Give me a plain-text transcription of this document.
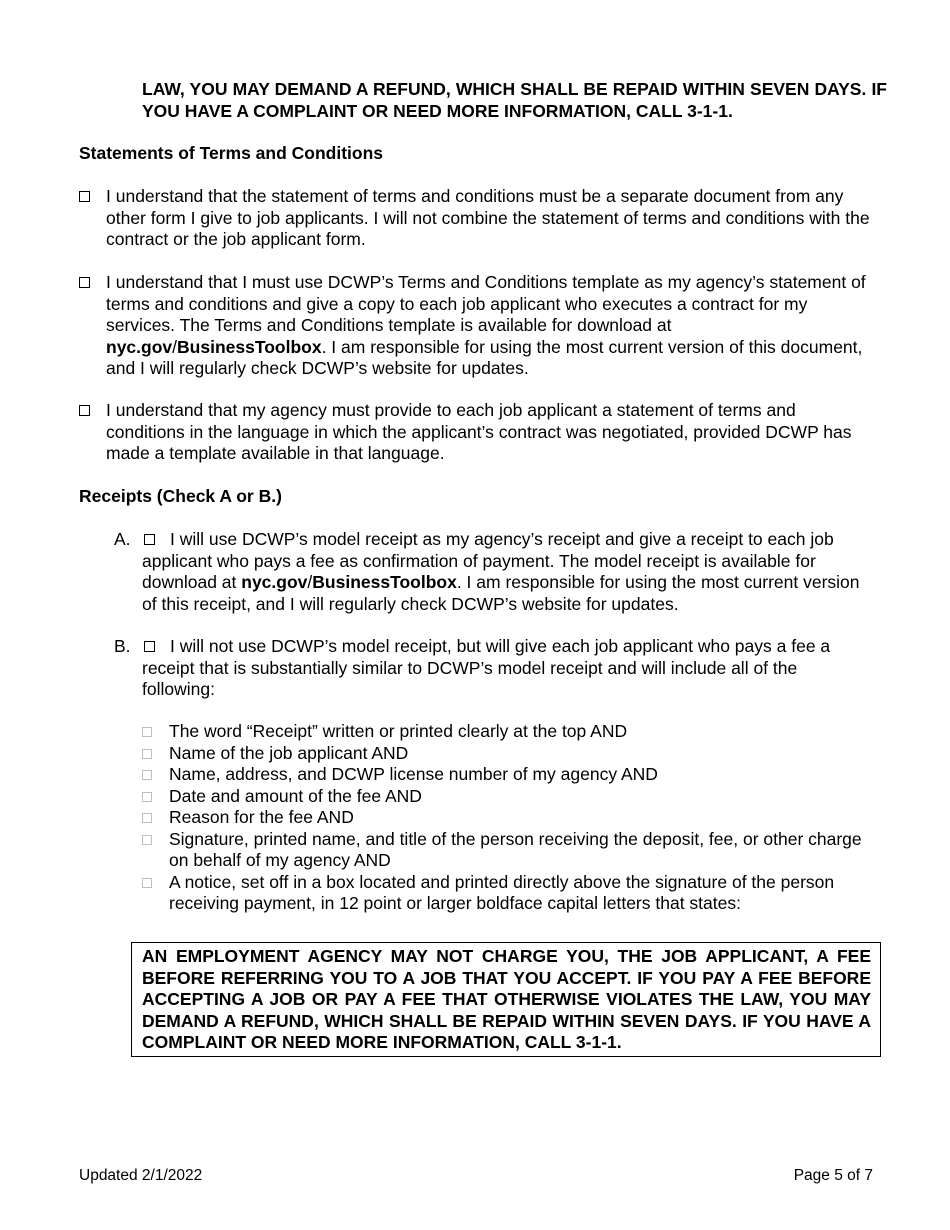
LAW, YOU MAY DEMAND A REFUND, WHICH SHALL BE REPAID WITHIN SEVEN DAYS. IF YOU HAVE A COMPLAINT OR NEED MORE INFORMATION, CALL 3-1-1.
Statements of Terms and Conditions
I understand that the statement of terms and conditions must be a separate document from any other form I give to job applicants. I will not combine the statement of terms and conditions with the contract or the job applicant form.
I understand that I must use DCWP’s Terms and Conditions template as my agency’s statement of terms and conditions and give a copy to each job applicant who executes a contract for my services. The Terms and Conditions template is available for download at nyc.gov/BusinessToolbox. I am responsible for using the most current version of this document, and I will regularly check DCWP’s website for updates.
I understand that my agency must provide to each job applicant a statement of terms and conditions in the language in which the applicant’s contract was negotiated, provided DCWP has made a template available in that language.
Receipts (Check A or B.)
A.	I will use DCWP’s model receipt as my agency’s receipt and give a receipt to each job applicant who pays a fee as confirmation of payment. The model receipt is available for download at nyc.gov/BusinessToolbox. I am responsible for using the most current version of this receipt, and I will regularly check DCWP’s website for updates.
B.	I will not use DCWP’s model receipt, but will give each job applicant who pays a fee a receipt that is substantially similar to DCWP’s model receipt and will include all of the following:
The word “Receipt” written or printed clearly at the top AND
Name of the job applicant AND
Name, address, and DCWP license number of my agency AND
Date and amount of the fee AND
Reason for the fee AND
Signature, printed name, and title of the person receiving the deposit, fee, or other charge on behalf of my agency AND
A notice, set off in a box located and printed directly above the signature of the person receiving payment, in 12 point or larger boldface capital letters that states:
AN EMPLOYMENT AGENCY MAY NOT CHARGE YOU, THE JOB APPLICANT, A FEE BEFORE REFERRING YOU TO A JOB THAT YOU ACCEPT. IF YOU PAY A FEE BEFORE ACCEPTING A JOB OR PAY A FEE THAT OTHERWISE VIOLATES THE LAW, YOU MAY DEMAND A REFUND, WHICH SHALL BE REPAID WITHIN SEVEN DAYS. IF YOU HAVE A COMPLAINT OR NEED MORE INFORMATION, CALL 3-1-1.
Updated 2/1/2022	Page 5 of 7
